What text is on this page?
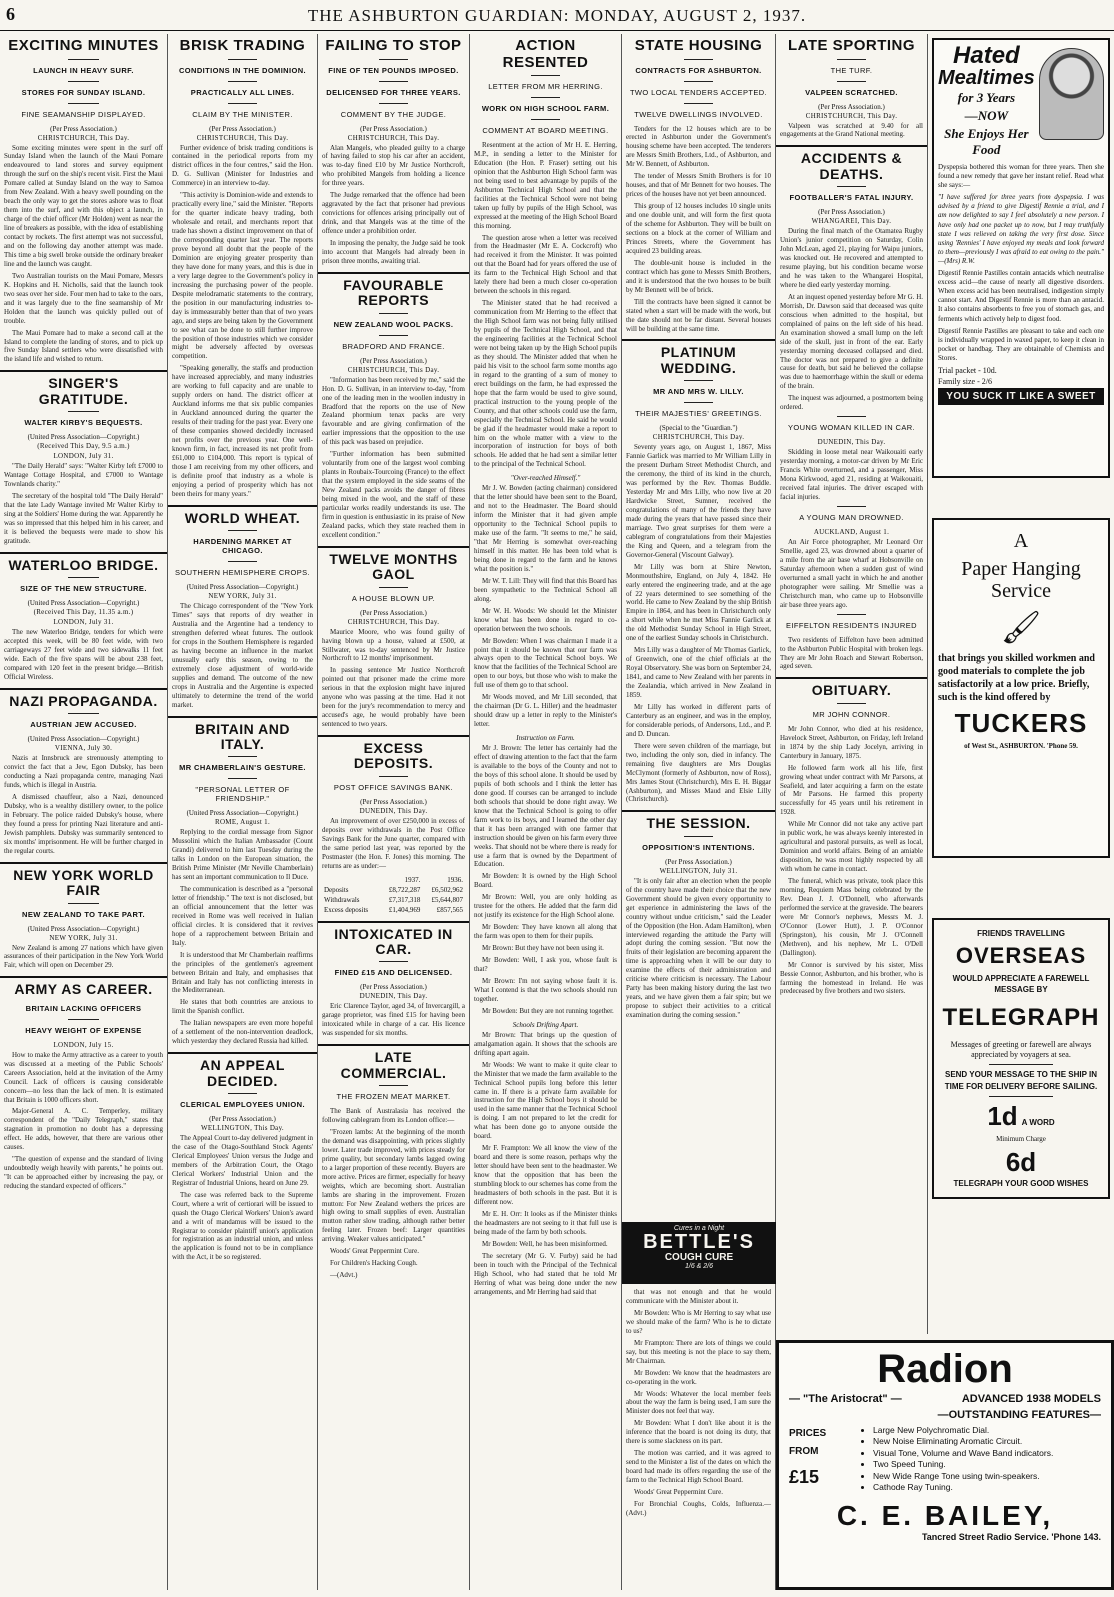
6	THE ASHBURTON GUARDIAN: MONDAY, AUGUST 2, 1937.
EXCITING MINUTES
LAUNCH IN HEAVY SURF.
STORES FOR SUNDAY ISLAND.
FINE SEAMANSHIP DISPLAYED.
(Per Press Association.)
CHRISTCHURCH, This Day.

Some exciting minutes were spent in the surf off Sunday Island when the launch of the Maui Pomare endeavoured to land stores and survey equipment through the surf on the ship's recent visit. First the Maui Pomare called at Sunday Island on the way to Samoa from New Zealand. With a heavy swell pounding on the beach the only way to get the stores ashore was to float them into the surf, and with this object a launch, in charge of the chief officer (Mr Holden) went as near the line of breakers as possible, with the idea of establishing contact by rockets. The first attempt was not successful, and on the following day another attempt was made. This time a big swell broke outside the ordinary breaker line and the launch was caught.

Two Australian tourists on the Maui Pomare, Messrs K. Hopkins and H. Nicholls, said that the launch took two seas over her side. Four men had to take to the oars, and it was largely due to the fine seamanship of Mr Holden that the launch was quickly pulled out of trouble.

The Maui Pomare had to make a second call at the Island to complete the landing of stores, and to pick up five Sunday Island settlers who were dissatisfied with the island life and wished to return.

SINGER'S GRATITUDE.
WALTER KIRBY'S BEQUESTS.
(United Press Association—Copyright.)
(Received This Day, 9.5 a.m.)
LONDON, July 31.

"The Daily Herald" says: "Walter Kirby left £7000 to Wantage Cottage Hospital, and £7000 to Wantage Townlands charity."

The secretary of the hospital told "The Daily Herald" that the late Lady Wantage invited Mr Walter Kirby to sing at the Soldiers' Home during the war. Apparently he was so impressed that this helped him in his career, and it is believed the bequests were made to show his gratitude.

WATERLOO BRIDGE.
SIZE OF THE NEW STRUCTURE.
(United Press Association—Copyright.)
(Received This Day, 11.35 a.m.)
LONDON, July 31.

The new Waterloo Bridge, tenders for which were accepted this week, will be 80 feet wide, with two carriageways 27 feet wide and two sidewalks 11 feet wide. Each of the five spans will be about 238 feet, compared with 120 feet in the present bridge.—British Official Wireless.

NAZI PROPAGANDA.
AUSTRIAN JEW ACCUSED.
(United Press Association—Copyright.)
VIENNA, July 30.

Nazis at Innsbruck are strenuously attempting to convict the fact that a Jew, Egon Dubsky, has been conducting a Nazi propaganda centre, managing Nazi funds, which is illegal in Austria.

A dismissed chauffeur, also a Nazi, denounced Dubsky, who is a wealthy distillery owner, to the police in February. The police raided Dubsky's house, where they found a press for printing Nazi literature and anti-Jewish pamphlets. Dubsky was summarily sentenced to six months' imprisonment. He will be further charged in the regular courts.

NEW YORK WORLD FAIR
NEW ZEALAND TO TAKE PART.
(United Press Association—Copyright.)
NEW YORK, July 31.

New Zealand is among 27 nations which have given assurances of their participation in the New York World Fair, which will open on December 29.

ARMY AS CAREER.
BRITAIN LACKING OFFICERS
HEAVY WEIGHT OF EXPENSE
LONDON, July 15.

How to make the Army attractive as a career to youth was discussed at a meeting of the Public Schools' Careers Association, held at the invitation of the Army Council. Lack of officers is causing considerable concern—no less than the lack of men. It is estimated that Britain is 1000 officers short.

Major-General A. C. Temperley, military correspondent of the "Daily Telegraph," states that stagnation in promotion no doubt has a depressing effect. He adds, however, that there are various other causes.

"The question of expense and the standard of living undoubtedly weigh heavily with parents," he points out. "It can be approached either by increasing the pay, or reducing the standard expected of officers."

BRISK TRADING
CONDITIONS IN THE DOMINION.
PRACTICALLY ALL LINES.
CLAIM BY THE MINISTER.
(Per Press Association.)
CHRISTCHURCH, This Day.

Further evidence of brisk trading conditions is contained in the periodical reports from my district offices in the four centres," said the Hon. D. G. Sullivan (Minister for Industries and Commerce) in an interview to-day.

"This activity is Dominion-wide and extends to practically every line," said the Minister. "Reports for the quarter indicate heavy trading, both wholesale and retail, and merchants report that trade has shown a distinct improvement on that of the corresponding quarter last year. The reports prove beyond all doubt that the people of the Dominion are enjoying greater prosperity than they have done for many years, and this is due in a very large degree to the Government's policy in increasing the purchasing power of the people. Despite melodramatic statements to the contrary, the position in our manufacturing industries to-day is immeasurably better than that of two years ago, and steps are being taken by the Government to see what can be done to still further improve the position of those industries which we consider might be adversely affected by overseas competition.

"Speaking generally, the staffs and production have increased appreciably, and many industries are working to full capacity and are unable to supply orders on hand. The district officer at Auckland informs me that six public companies in Auckland announced during the quarter the results of their trading for the past year. Every one of these companies showed decidedly increased net profits over the previous year. One well-known firm, in fact, increased its net profit from £61,000 to £104,000. This report is typical of those I am receiving from my other officers, and is definite proof that industry as a whole is enjoying a period of prosperity which has not been theirs for many years."

WORLD WHEAT.
HARDENING MARKET AT CHICAGO.
SOUTHERN HEMISPHERE CROPS.
(United Press Association—Copyright.)
NEW YORK, July 31.

The Chicago correspondent of the "New York Times" says that reports of dry weather in Australia and the Argentine had a tendency to strengthen deferred wheat futures. The outlook for crops in the Southern Hemisphere is regarded as having become an influence in the market unusually early this season, owing to the extremely close adjustment of world-wide supplies and demand. The outcome of the new crops in Australia and the Argentine is expected ultimately to determine the trend of the world market.

BRITAIN AND ITALY.
MR CHAMBERLAIN'S GESTURE.
"PERSONAL LETTER OF FRIENDSHIP."
(United Press Association—Copyright.)
ROME, August 1.

Replying to the cordial message from Signor Mussolini which the Italian Ambassador (Count Grandi) delivered to him last Tuesday during the talks in London on the European situation, the British Prime Minister (Mr Neville Chamberlain) has sent an important communication to Il Duce.

The communication is described as a "personal letter of friendship." The text is not disclosed, but an official announcement that the letter was received in Rome was well received in Italian official circles. It is considered that it revives hope of a rapprochement between Britain and Italy.

It is understood that Mr Chamberlain reaffirms the principles of the gentlemen's agreement between Britain and Italy, and emphasises that Britain and Italy has not conflicting interests in the Mediterranean.

He states that both countries are anxious to limit the Spanish conflict.

The Italian newspapers are even more hopeful of a settlement of the non-intervention deadlock, which yesterday they declared Russia had killed.

AN APPEAL DECIDED.
CLERICAL EMPLOYEES UNION.
(Per Press Association.)
WELLINGTON, This Day.

The Appeal Court to-day delivered judgment in the case of the Otago-Southland Stock Agents' Clerical Employees' Union versus the Judge and members of the Arbitration Court, the Otago Clerical Workers' Industrial Union and the Registrar of Industrial Unions, heard on June 29.

The case was referred back to the Supreme Court, where a writ of certiorari will be issued to quash the Otago Clerical Workers' Union's award and a writ of mandamus will be issued to the Registrar to consider plaintiff union's application for registration as an industrial union, and unless the application is found not to be in compliance with the Act, it be so registered.

FAILING TO STOP
FINE OF TEN POUNDS IMPOSED.
DELICENSED FOR THREE YEARS.
COMMENT BY THE JUDGE.
(Per Press Association.)
CHRISTCHURCH, This Day.

Alan Mangels, who pleaded guilty to a charge of having failed to stop his car after an accident, was to-day fined £10 by Mr Justice Northcroft, who prohibited Mangels from holding a licence for three years.

The Judge remarked that the offence had been aggravated by the fact that prisoner had previous convictions for offences arising principally out of drink, and that Mangels was at the time of the offence under a prohibition order.

In imposing the penalty, the Judge said he took into account that Mangels had already been in prison three months, awaiting trial.

FAVOURABLE REPORTS
NEW ZEALAND WOOL PACKS.
BRADFORD AND FRANCE.
(Per Press Association.)
CHRISTCHURCH, This Day.

"Information has been received by me," said the Hon. D. G. Sullivan, in an interview to-day, "from one of the leading men in the woollen industry in Bradford that the reports on the use of New Zealand phormium tenax packs are very favourable and are giving confirmation of the earlier impressions that the opposition to the use of this pack was based on prejudice.

"Further information has been submitted voluntarily from one of the largest wool combing plants in Roubaix-Tourcoing (France) to the effect that the system employed in the side seams of the New Zealand packs avoids the danger of fibres being mixed in the wool, and the staff of these particular works readily understands its use. The firm in question is enthusiastic in its praise of New Zealand packs, which they state reached them in excellent condition."

TWELVE MONTHS GAOL
A HOUSE BLOWN UP.
(Per Press Association.)
CHRISTCHURCH, This Day.

Maurice Moore, who was found guilty of having blown up a house, valued at £500, at Stillwater, was to-day sentenced by Mr Justice Northcroft to 12 months' imprisonment.

In passing sentence Mr Justice Northcroft pointed out that prisoner made the crime more serious in that the explosion might have injured anyone who was passing at the time. Had it not been for the jury's recommendation to mercy and accused's age, he would probably have been sentenced to two years.

EXCESS DEPOSITS.
POST OFFICE SAVINGS BANK.
(Per Press Association.)
DUNEDIN, This Day.

An improvement of over £250,000 in excess of deposits over withdrawals in the Post Office Savings Bank for the June quarter, compared with the same period last year, was reported by the Postmaster (the Hon. F. Jones) this morning. The returns are as under:—

	1937.	1936.
Deposits	£8,722,287	£6,502,962
Withdrawals	£7,317,318	£5,644,807
Excess deposits	£1,404,969	£857,565
INTOXICATED IN CAR.
FINED £15 AND DELICENSED.
(Per Press Association.)
DUNEDIN, This Day.

Eric Clarence Taylor, aged 34, of Invercargill, a garage proprietor, was fined £15 for having been intoxicated while in charge of a car. His licence was suspended for six months.

LATE COMMERCIAL.
THE FROZEN MEAT MARKET.

The Bank of Australasia has received the following cablegram from its London office:—

"Frozen lambs: At the beginning of the month the demand was disappointing, with prices slightly lower. Later trade improved, with prices steady for prime quality, but secondary lambs lagged owing to a larger proportion of these recently. Buyers are more active. Prices are firmer, especially for heavy weights, which are becoming short. Australian lambs are sharing in the improvement. Frozen mutton: For New Zealand wethers the prices are high owing to small supplies of even. Australian mutton rather slow trading, although rather better feeling later. Frozen beef: Larger quantities arriving. Weaker values anticipated."

Woods' Great Peppermint Cure.

For Children's Hacking Cough.

—(Advt.)

ACTION RESENTED
LETTER FROM MR HERRING.
WORK ON HIGH SCHOOL FARM.
COMMENT AT BOARD MEETING.

Resentment at the action of Mr H. E. Herring, M.P., in sending a letter to the Minister for Education (the Hon. P. Fraser) setting out his opinion that the Ashburton High School farm was not being used to best advantage by pupils of the Ashburton Technical High School and that the facilities at the Technical School were not being taken up fully by pupils of the High School, was expressed at the meeting of the High School Board this morning.

The question arose when a letter was received from the Headmaster (Mr E. A. Cockcroft) who had received it from the Minister. It was pointed out that the Board had for years offered the use of its farm to the Technical High School and that lately there had been a much closer co-operation between the schools in this regard.

The Minister stated that he had received a communication from Mr Herring to the effect that the High School farm was not being fully utilised by pupils of the Technical High School, and that the engineering facilities at the Technical School were not being taken up by the High School pupils as they should. The Minister added that when he paid his visit to the school farm some months ago in regard to the granting of a sum of money to erect buildings on the farm, he had expressed the hope that the farm would be used to give sound, practical instruction to the young people of the County, and that other schools could use the farm, especially the Technical School. He said he would be glad if the headmaster would make a report to him on the whole matter with a view to the incorporation of instruction for boys of both schools. He added that he had sent a similar letter to the principal of the Technical School.

"Over-reached Himself."

Mr J. W. Bowden (acting chairman) considered that the letter should have been sent to the Board, and not to the Headmaster. The Board should inform the Minister that it had given ample opportunity to the Technical School pupils to make use of the farm. "It seems to me," he said, "that Mr Herring is somewhat over-reaching himself in this matter. He has been told what is being done in regard to the farm and he knows what the position is."

Mr W. T. Lill: They will find that this Board has been sympathetic to the Technical School all along.

Mr W. H. Woods: We should let the Minister know what has been done in regard to co-operation between the two schools.

Mr Bowden: When I was chairman I made it a point that it should be known that our farm was always open to the Technical School boys. We know that the facilities of the Technical School are open to our boys, but those who wish to make the full use of them go to that school.

Mr Woods moved, and Mr Lill seconded, that the chairman (Dr G. L. Hiller) and the headmaster should draw up a letter in reply to the Minister's letter.

Instruction on Farm.

Mr J. Brown: The letter has certainly had the effect of drawing attention to the fact that the farm is available to the boys of the County and not to the boys of this school alone. It should be used by pupils of both schools and I think the letter has done good. If courses can be arranged to include both schools that should be done right away. We know that the Technical School is going to offer farm work to its boys, and I learned the other day that it has been arranged with one farmer that instruction should be given on his farm every three weeks. That should not be where there is ready for use a farm that is owned by the Department of Education.

Mr Bowden: It is owned by the High School Board.

Mr Brown: Well, you are only holding as trustee for the others. He added that the farm did not justify its existence for the High School alone.

Mr Bowden: They have known all along that the farm was open to them for their pupils.

Mr Brown: But they have not been using it.

Mr Bowden: Well, I ask you, whose fault is that?

Mr Brown: I'm not saying whose fault it is. What I contend is that the two schools should run together.

Mr Bowden: But they are not running together.

Schools Drifting Apart.

Mr Brown: That brings up the question of amalgamation again. It shows that the schools are drifting apart again.

Mr Woods: We want to make it quite clear to the Minister that we made the farm available to the Technical School pupils long before this letter came in. If there is a private farm available for instruction for the High School boys it should be used in the same manner that the Technical School is doing. I am not prepared to let the credit for what has been done go to anyone outside the board.

Mr F. Frampton: We all know the view of the board and there is some reason, perhaps why the letter should have been sent to the headmaster. We know that the opposition that has been the stumbling block to our schemes has come from the headmasters of both schools in the past. But it is different now.

Mr E. H. Orr: It looks as if the Minister thinks the headmasters are not seeing to it that full use is being made of the farm by both schools.

Mr Bowden: Well, he has been misinformed.

The secretary (Mr G. V. Furby) said he had been in touch with the Principal of the Technical High School, who had stated that he told Mr Herring of what was being done under the new arrangements, and Mr Herring had said that

STATE HOUSING
CONTRACTS FOR ASHBURTON.
TWO LOCAL TENDERS ACCEPTED.
TWELVE DWELLINGS INVOLVED.

Tenders for the 12 houses which are to be erected in Ashburton under the Government's housing scheme have been accepted. The tenderers are Messrs Smith Brothers, Ltd., of Ashburton, and Mr W. Bennett, of Ashburton.

The tender of Messrs Smith Brothers is for 10 houses, and that of Mr Bennett for two houses. The prices of the houses have not yet been announced.

This group of 12 houses includes 10 single units and one double unit, and will form the first quota of the scheme for Ashburton. They will be built on sections on a block at the corner of William and Princes Streets, where the Government has acquired 23 building areas.

The double-unit house is included in the contract which has gone to Messrs Smith Brothers, and it is understood that the two houses to be built by Mr Bennett will be of brick.

Till the contracts have been signed it cannot be stated when a start will be made with the work, but the date should not be far distant. Several houses will be building at the same time.

PLATINUM WEDDING.
MR AND MRS W. LILLY.
THEIR MAJESTIES' GREETINGS.
(Special to the "Guardian.")
CHRISTCHURCH, This Day.

Seventy years ago, on August 1, 1867, Miss Fannie Garlick was married to Mr William Lilly in the present Durham Street Methodist Church, and the ceremony, the third of its kind in the church, was performed by the Rev. Thomas Buddle. Yesterday Mr and Mrs Lilly, who now live at 20 Hardwicke Street, Sumner, received the congratulations of many of the friends they have made during the years that have passed since their marriage. Two great surprises for them were a cablegram of congratulations from their Majesties the King and Queen, and a telegram from the Governor-General (Viscount Galway).

Mr Lilly was born at Shire Newton, Monmouthshire, England, on July 4, 1842. He early entered the engineering trade, and at the age of 22 years determined to see something of the world. He came to New Zealand by the ship British Empire in 1864, and has been in Christchurch only a short while when he met Miss Fannie Garlick at the old Methodist Sunday School in High Street, one of the earliest Sunday schools in Christchurch.

Mrs Lilly was a daughter of Mr Thomas Garlick, of Greenwich, one of the chief officials at the Royal Observatory. She was born on September 24, 1841, and came to New Zealand with her parents in the Zealandia, which arrived in New Zealand in 1859.

Mr Lilly has worked in different parts of Canterbury as an engineer, and was in the employ, for considerable periods, of Andersons, Ltd., and P. and D. Duncan.

There were seven children of the marriage, but two, including the only son, died in infancy. The remaining five daughters are Mrs Douglas McClymont (formerly of Ashburton, now of Ross), Mrs James Stout (Christchurch), Mrs E. H. Biggar (Ashburton), and Misses Maud and Elsie Lilly (Christchurch).

THE SESSION.
OPPOSITION'S INTENTIONS.
(Per Press Association.)
WELLINGTON, July 31.

"It is only fair after an election when the people of the country have made their choice that the new Government should be given every opportunity to get experience in administering the laws of the country without undue criticism," said the Leader of the Opposition (the Hon. Adam Hamilton), when interviewed regarding the attitude the Party will adopt during the coming session. "But now the fruits of their legislation are becoming apparent the time is approaching when it will be our duty to examine the effects of their administration and criticise where criticism is necessary. The Labour Party has been making history during the last two years, and we have given them a fair spin; but we propose to subject their activities to a critical examination during the coming session."

Cures in a Night
BETTLE'S
COUGH CURE
1/6 & 2/6

that was not enough and that he would communicate with the Minister about it.

Mr Bowden: Who is Mr Herring to say what use we should make of the farm? Who is he to dictate to us?

Mr Frampton: There are lots of things we could say, but this meeting is not the place to say them, Mr Chairman.

Mr Bowden: We know that the headmasters are co-operating in the work.

Mr Woods: Whatever the local member feels about the way the farm is being used, I am sure the Minister does not feel that way.

Mr Bowden: What I don't like about it is the inference that the board is not doing its duty, that there is some slackness on its part.

The motion was carried, and it was agreed to send to the Minister a list of the dates on which the board had made its offers regarding the use of the farm to the Technical High School Board.

Woods' Great Peppermint Cure.

For Bronchial Coughs, Colds, Influenza.—(Advt.)

LATE SPORTING
THE TURF.
VALPEEN SCRATCHED.
(Per Press Association.)
CHRISTCHURCH, This Day.

Valpeen was scratched at 9.40 for all engagements at the Grand National meeting.

ACCIDENTS & DEATHS.
FOOTBALLER'S FATAL INJURY.
(Per Press Association.)
WHANGAREI, This Day.

During the final match of the Otamatea Rugby Union's junior competition on Saturday, Colin John McLean, aged 21, playing for Waipu juniors, was knocked out. He recovered and attempted to resume playing, but his condition became worse and he was taken to the Whangarei Hospital, where he died early yesterday morning.

At an inquest opened yesterday before Mr G. H. Morrish, Dr. Dawson said that deceased was quite conscious when admitted to the hospital, but complained of pains on the left side of his head. An examination showed a small lump on the left side of the skull, just in front of the ear. Early yesterday morning deceased collapsed and died. The doctor was not prepared to give a definite cause for death, but said he believed the collapse was due to haemorrhage within the skull or edema of the brain.

The inquest was adjourned, a postmortem being ordered.

YOUNG WOMAN KILLED IN CAR.
DUNEDIN, This Day.

Skidding in loose metal near Waikouaiti early yesterday morning, a motor-car driven by Mr Eric Francis White overturned, and a passenger, Miss Mona Kirkwood, aged 21, residing at Waikouaiti, received fatal injuries. The driver escaped with facial injuries.

A YOUNG MAN DROWNED.
AUCKLAND, August 1.

An Air Force photographer, Mr Leonard Orr Smellie, aged 23, was drowned about a quarter of a mile from the air base wharf at Hobsonville on Saturday afternoon when a sudden gust of wind overturned a small yacht in which he and another photographer were sailing. Mr Smellie was a Christchurch man, who came up to Hobsonville air base three years ago.

EIFFELTON RESIDENTS INJURED

Two residents of Eiffelton have been admitted to the Ashburton Public Hospital with broken legs. They are Mr John Roach and Stewart Robertson, aged seven.

OBITUARY.
MR JOHN CONNOR.

Mr John Connor, who died at his residence, Havelock Street, Ashburton, on Friday, left Ireland in 1874 by the ship Lady Jocelyn, arriving in Canterbury in January, 1875.

He followed farm work all his life, first growing wheat under contract with Mr Parsons, at Seafield, and later acquiring a farm on the estate of Mr Parsons. He farmed this property successfully for 45 years until his retirement in 1928.

While Mr Connor did not take any active part in public work, he was always keenly interested in agricultural and pastoral pursuits, as well as local, Dominion and world affairs. Being of an amiable disposition, he was most highly respected by all with whom he came in contact.

The funeral, which was private, took place this morning, Requiem Mass being celebrated by the Rev. Dean J. J. O'Donnell, who afterwards performed the service at the graveside. The bearers were Mr Connor's nephews, Messrs M. J. O'Connor (Lower Hutt), J. P. O'Connor (Springston), his cousin, Mr J. O'Connell (Methven), and his nephew, Mr L. O'Dell (Dallington).

Mr Connor is survived by his sister, Miss Bessie Connor, Ashburton, and his brother, who is farming the homestead in Ireland. He was predeceased by five brothers and two sisters.

Hated
Mealtimes
for 3 Years
—NOW
She Enjoys Her Food
Dyspepsia bothered this woman for three years. Then she found a new remedy that gave her instant relief. Read what she says:—
"I have suffered for three years from dyspepsia. I was advised by a friend to give Digestif Rennie a trial, and I am now delighted to say I feel absolutely a new person. I have only had one packet up to now, but I may truthfully state I was relieved on taking the very first dose. Since using 'Rennies' I have enjoyed my meals and look forward to them—previously I was afraid to eat owing to the pain." —(Mrs) R.W.
Digestif Rennie Pastilles contain antacids which neutralise excess acid—the cause of nearly all digestive disorders. When excess acid has been neutralised, indigestion simply cannot start. And Digestif Rennie is more than an antacid. It also contains absorbents to free you of stomach gas, and ferments which actively help to digest food.
Digestif Rennie Pastilles are pleasant to take and each one is individually wrapped in waxed paper, to keep it clean in pocket or handbag. They are obtainable of Chemists and Stores.
Trial packet - 10d.
Family size - 2/6
YOU SUCK IT LIKE A SWEET
A
Paper Hanging Service
🖌
that brings you skilled workmen and good materials to complete the job satisfactorily at a low price. Briefly, such is the kind offered by
TUCKERS
of West St., ASHBURTON. 'Phone 59.
FRIENDS TRAVELLING
OVERSEAS
WOULD APPRECIATE A FAREWELL MESSAGE BY
TELEGRAPH
Messages of greeting or farewell are always appreciated by voyagers at sea.
SEND YOUR MESSAGE TO THE SHIP IN TIME FOR DELIVERY BEFORE SAILING.
1d A WORD
Minimum Charge
6d
TELEGRAPH YOUR GOOD WISHES
Radion
— "The Aristocrat" —	ADVANCED 1938 MODELS
—OUTSTANDING FEATURES—
PRICES
FROM
£15
• Large New Polychromatic Dial.
• New Noise Eliminating Aromatic Circuit.
• Visual Tone, Volume and Wave Band indicators.
• Two Speed Tuning.
• New Wide Range Tone using twin-speakers.
• Cathode Ray Tuning.
C. E. BAILEY,
Tancred Street Radio Service. 'Phone 143.
